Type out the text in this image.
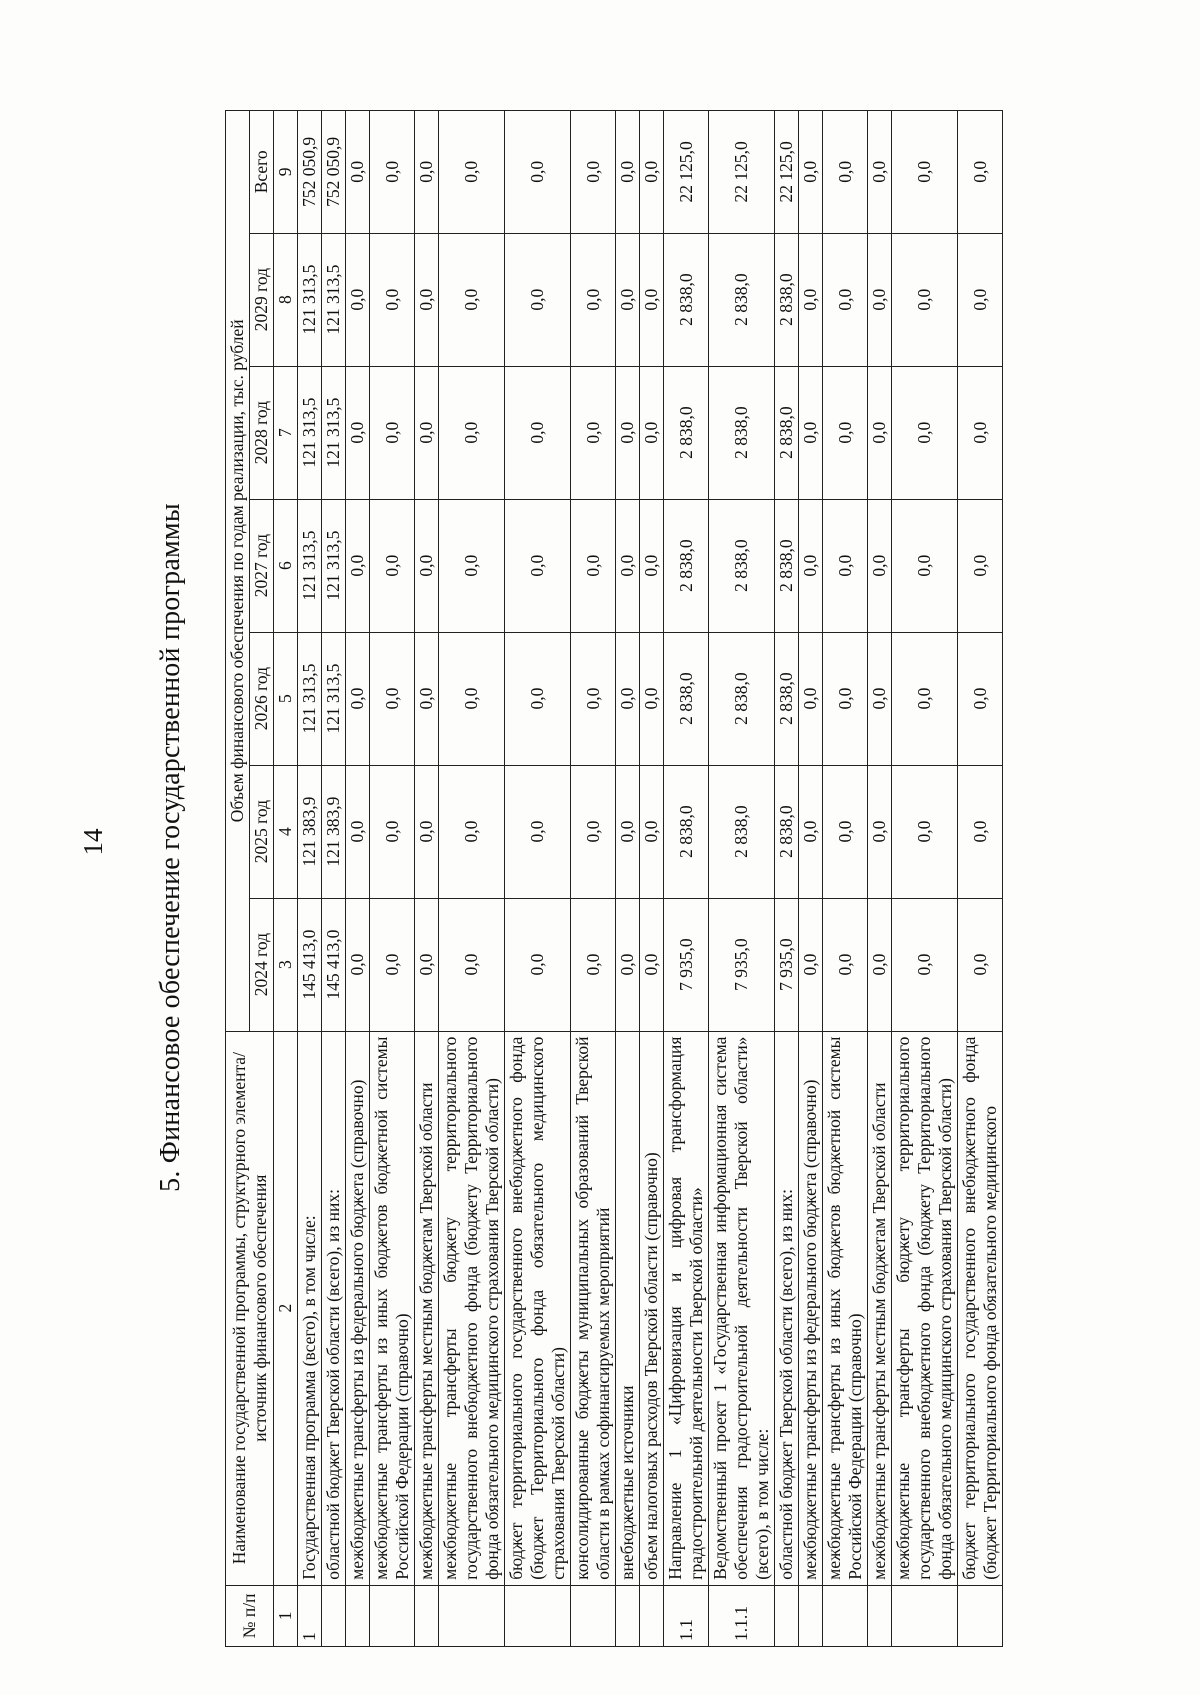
14 5. Финансовое обеспечение государственной программы
№ п/п	Наименование государственной программы, структурного элемента/источник финансового обеспечения	Объем финансового обеспечения по годам реализации, тыс. рублей						
		2024 год	2025 год	2026 год	2027 год	2028 год	2029 год	Всего
1	2	3	4	5	6	7	8	9
1	Государственная программа (всего), в том числе:	145 413,0	121 383,9	121 313,5	121 313,5	121 313,5	121 313,5	752 050,9
	областной бюджет Тверской области (всего), из них:	145 413,0	121 383,9	121 313,5	121 313,5	121 313,5	121 313,5	752 050,9
	межбюджетные трансферты из федерального бюджета (справочно)	0,0	0,0	0,0	0,0	0,0	0,0	0,0
	межбюджетные трансферты из иных бюджетов бюджетной системы Российской Федерации (справочно)	0,0	0,0	0,0	0,0	0,0	0,0	0,0
	межбюджетные трансферты местным бюджетам Тверской области	0,0	0,0	0,0	0,0	0,0	0,0	0,0
	межбюджетные трансферты бюджету территориального государственного внебюджетного фонда (бюджету Территориального фонда обязательного медицинского страхования Тверской области)	0,0	0,0	0,0	0,0	0,0	0,0	0,0
	бюджет территориального государственного внебюджетного фонда (бюджет Территориального фонда обязательного медицинского страхования Тверской области)	0,0	0,0	0,0	0,0	0,0	0,0	0,0
	консолидированные бюджеты муниципальных образований Тверской области в рамках софинансируемых мероприятий	0,0	0,0	0,0	0,0	0,0	0,0	0,0
	внебюджетные источники	0,0	0,0	0,0	0,0	0,0	0,0	0,0
	объем налоговых расходов Тверской области (справочно)	0,0	0,0	0,0	0,0	0,0	0,0	0,0
1.1	Направление 1 «Цифровизация и цифровая трансформация градостроительной деятельности Тверской области»	7 935,0	2 838,0	2 838,0	2 838,0	2 838,0	2 838,0	22 125,0
1.1.1	Ведомственный проект 1 «Государственная информационная система обеспечения градостроительной деятельности Тверской области» (всего), в том числе:	7 935,0	2 838,0	2 838,0	2 838,0	2 838,0	2 838,0	22 125,0
	областной бюджет Тверской области (всего), из них:	7 935,0	2 838,0	2 838,0	2 838,0	2 838,0	2 838,0	22 125,0
	межбюджетные трансферты из федерального бюджета (справочно)	0,0	0,0	0,0	0,0	0,0	0,0	0,0
	межбюджетные трансферты из иных бюджетов бюджетной системы Российской Федерации (справочно)	0,0	0,0	0,0	0,0	0,0	0,0	0,0
	межбюджетные трансферты местным бюджетам Тверской области	0,0	0,0	0,0	0,0	0,0	0,0	0,0
	межбюджетные трансферты бюджету территориального государственного внебюджетного фонда (бюджету Территориального фонда обязательного медицинского страхования Тверской области)	0,0	0,0	0,0	0,0	0,0	0,0	0,0
	бюджет территориального государственного внебюджетного фонда (бюджет Территориального фонда обязательного медицинского	0,0	0,0	0,0	0,0	0,0	0,0	0,0
